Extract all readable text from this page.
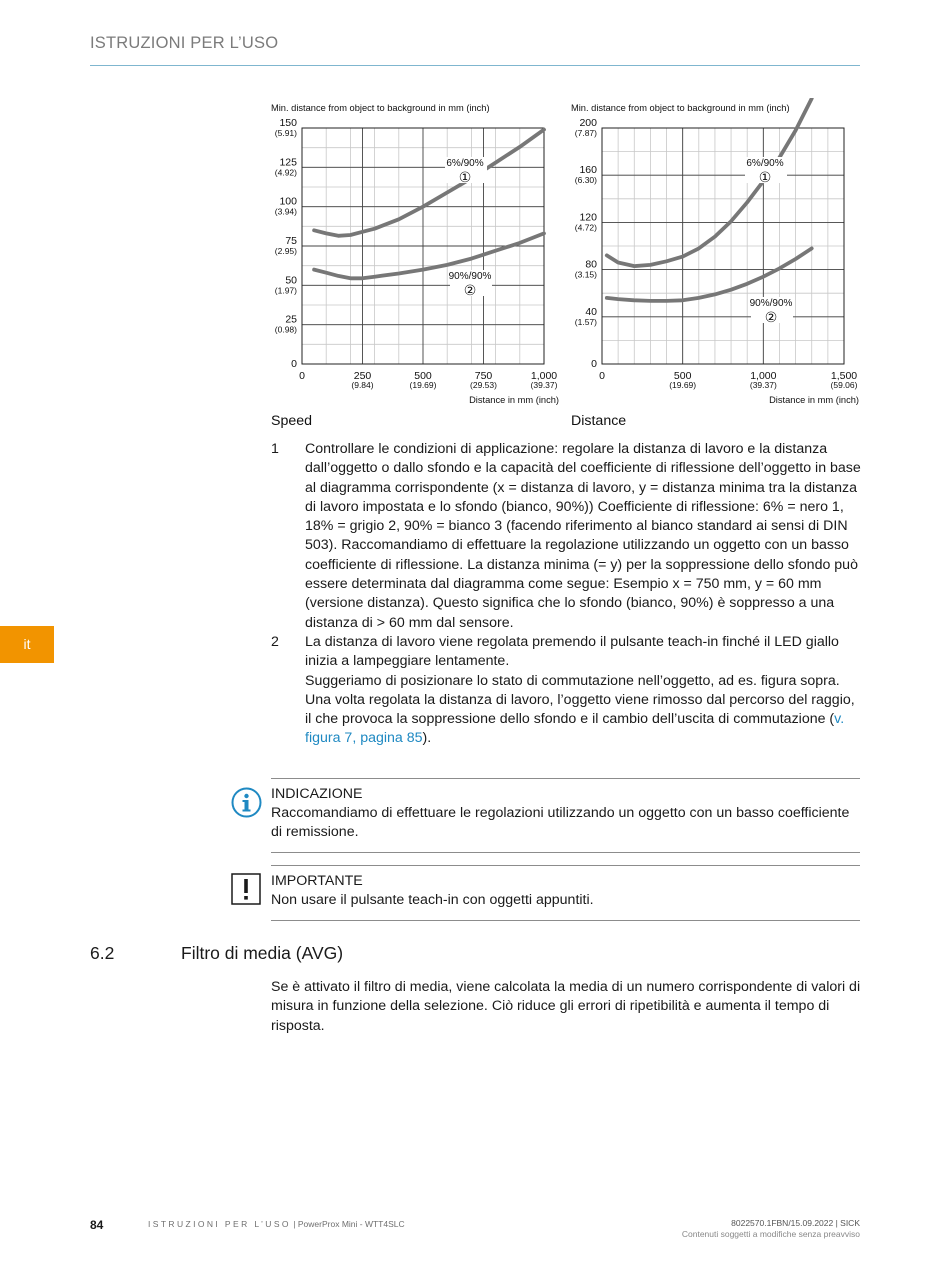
ISTRUZIONI PER L’USO
Min. distance from object to background in mm (inch)
Distance in mm (inch)
Speed
Min. distance from object to background in mm (inch)
Distance in mm (inch)
Distance
150
(5.91)
125
(4.92)
100
(3.94)
75
(2.95)
50
(1.97)
25
(0.98)
0
0	250
(9.84)
500
(19.69)
750
(29.53)
1,000
(39.37)
200
(7.87)
160
(6.30)
120
(4.72)
80
(3.15)
40
(1.57)
0
0	500
(19.69)
1,000
(39.37)
1,500
(59.06)
6%/90%
①
90%/90%
②
6%/90%
①
90%/90%
②
it
1 Controllare le condizioni di applicazione: regolare la distanza di lavoro e la distanza dall’oggetto o dallo sfondo e la capacità del coefficiente di riflessione dell’oggetto in base al diagramma corrispondente (x = distanza di lavoro, y = distanza minima tra la distanza di lavoro impostata e lo sfondo (bianco, 90%)) Coefficiente di riflessione: 6% = nero 1, 18% = grigio 2, 90% = bianco 3 (facendo riferimento al bianco standard ai sensi di DIN 503). Raccomandiamo di effettuare la regolazione utilizzando un oggetto con un basso coefficiente di riflessione. La distanza minima (= y) per la soppressione dello sfondo può essere determinata dal diagramma come segue: Esempio x = 750 mm, y = 60 mm (versione distanza). Questo significa che lo sfondo (bianco, 90%) è soppresso a una distanza di > 60 mm dal sensore.
2 La distanza di lavoro viene regolata premendo il pulsante teach-in finché il LED giallo inizia a lampeggiare lentamente.
Suggeriamo di posizionare lo stato di commutazione nell’oggetto, ad es. figura sopra. Una volta regolata la distanza di lavoro, l’oggetto viene rimosso dal percorso del raggio, il che provoca la soppressione dello sfondo e il cambio dell’uscita di commutazione (v. figura 7, pagina 85).
INDICAZIONE
Raccomandiamo di effettuare le regolazioni utilizzando un oggetto con un basso coefficiente di remissione.
IMPORTANTE
Non usare il pulsante teach-in con oggetti appuntiti.
6.2	Filtro di media (AVG)
Se è attivato il filtro di media, viene calcolata la media di un numero corrispondente di valori di misura in funzione della selezione. Ciò riduce gli errori di ripetibilità e aumenta il tempo di risposta.
84	ISTRUZIONI PER L’USO | PowerProx Mini - WTT4SLC	8022570.1FBN/15.09.2022 | SICK
Contenuti soggetti a modifiche senza preavviso
